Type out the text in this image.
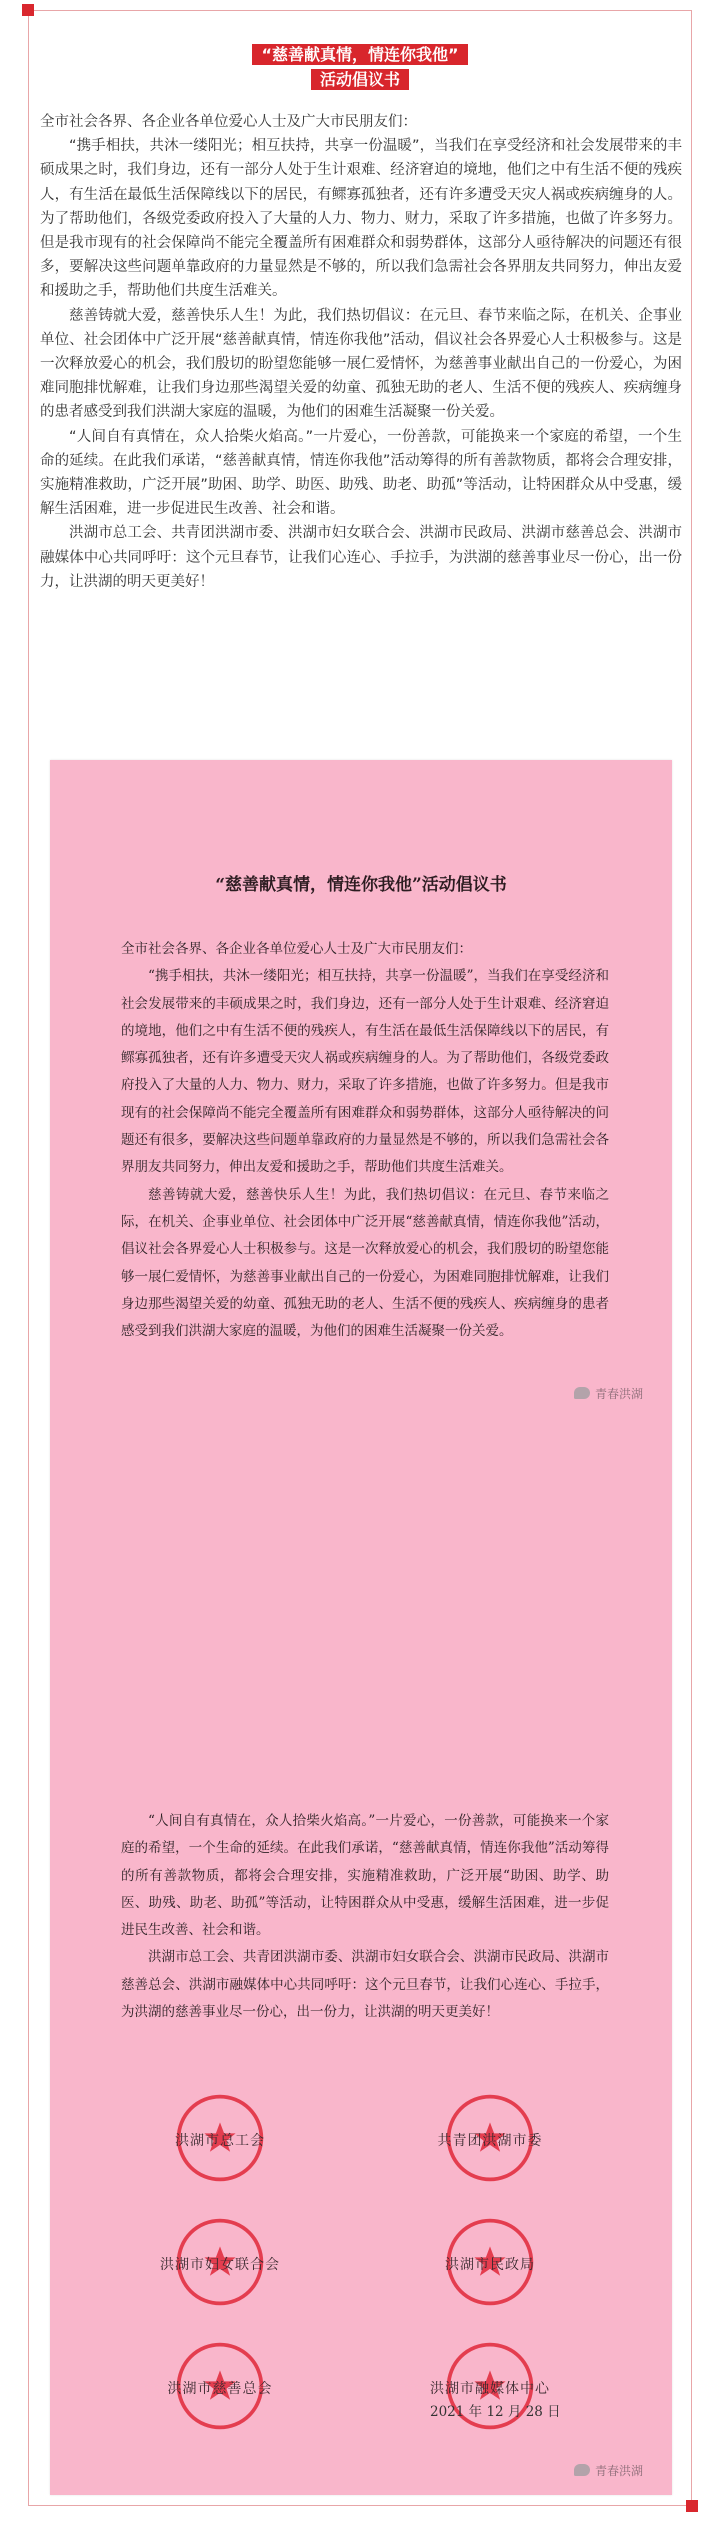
“慈善献真情，情连你我他”
活动倡议书

全市社会各界、各企业各单位爱心人士及广大市民朋友们：

“携手相扶，共沐一缕阳光；相互扶持，共享一份温暖”，当我们在享受经济和社会发展带来的丰硕成果之时，我们身边，还有一部分人处于生计艰难、经济窘迫的境地，他们之中有生活不便的残疾人，有生活在最低生活保障线以下的居民，有鳏寡孤独者，还有许多遭受天灾人祸或疾病缠身的人。为了帮助他们，各级党委政府投入了大量的人力、物力、财力，采取了许多措施，也做了许多努力。但是我市现有的社会保障尚不能完全覆盖所有困难群众和弱势群体，这部分人亟待解决的问题还有很多，要解决这些问题单靠政府的力量显然是不够的，所以我们急需社会各界朋友共同努力，伸出友爱和援助之手，帮助他们共度生活难关。

慈善铸就大爱，慈善快乐人生！为此，我们热切倡议：在元旦、春节来临之际，在机关、企事业单位、社会团体中广泛开展“慈善献真情，情连你我他”活动，倡议社会各界爱心人士积极参与。这是一次释放爱心的机会，我们殷切的盼望您能够一展仁爱情怀，为慈善事业献出自己的一份爱心，为困难同胞排忧解难，让我们身边那些渴望关爱的幼童、孤独无助的老人、生活不便的残疾人、疾病缠身的患者感受到我们洪湖大家庭的温暖，为他们的困难生活凝聚一份关爱。

“人间自有真情在，众人拾柴火焰高。”一片爱心，一份善款，可能换来一个家庭的希望，一个生命的延续。在此我们承诺，“慈善献真情，情连你我他”活动筹得的所有善款物质，都将会合理安排，实施精准救助，广泛开展”助困、助学、助医、助残、助老、助孤”等活动，让特困群众从中受惠，缓解生活困难，进一步促进民生改善、社会和谐。

洪湖市总工会、共青团洪湖市委、洪湖市妇女联合会、洪湖市民政局、洪湖市慈善总会、洪湖市融媒体中心共同呼吁：这个元旦春节，让我们心连心、手拉手，为洪湖的慈善事业尽一份心，出一份力，让洪湖的明天更美好！

“慈善献真情，情连你我他”活动倡议书

全市社会各界、各企业各单位爱心人士及广大市民朋友们：

“携手相扶，共沐一缕阳光；相互扶持，共享一份温暖”，当我们在享受经济和社会发展带来的丰硕成果之时，我们身边，还有一部分人处于生计艰难、经济窘迫的境地，他们之中有生活不便的残疾人，有生活在最低生活保障线以下的居民，有鳏寡孤独者，还有许多遭受天灾人祸或疾病缠身的人。为了帮助他们，各级党委政府投入了大量的人力、物力、财力，采取了许多措施，也做了许多努力。但是我市现有的社会保障尚不能完全覆盖所有困难群众和弱势群体，这部分人亟待解决的问题还有很多，要解决这些问题单靠政府的力量显然是不够的，所以我们急需社会各界朋友共同努力，伸出友爱和援助之手，帮助他们共度生活难关。

慈善铸就大爱，慈善快乐人生！为此，我们热切倡议：在元旦、春节来临之际，在机关、企事业单位、社会团体中广泛开展“慈善献真情，情连你我他”活动，倡议社会各界爱心人士积极参与。这是一次释放爱心的机会，我们殷切的盼望您能够一展仁爱情怀，为慈善事业献出自己的一份爱心，为困难同胞排忧解难，让我们身边那些渴望关爱的幼童、孤独无助的老人、生活不便的残疾人、疾病缠身的患者感受到我们洪湖大家庭的温暖，为他们的困难生活凝聚一份关爱。

青春洪湖

“人间自有真情在，众人拾柴火焰高。”一片爱心，一份善款，可能换来一个家庭的希望，一个生命的延续。在此我们承诺，“慈善献真情，情连你我他”活动筹得的所有善款物质，都将会合理安排，实施精准救助，广泛开展“助困、助学、助医、助残、助老、助孤”等活动，让特困群众从中受惠，缓解生活困难，进一步促进民生改善、社会和谐。

洪湖市总工会、共青团洪湖市委、洪湖市妇女联合会、洪湖市民政局、洪湖市慈善总会、洪湖市融媒体中心共同呼吁：这个元旦春节，让我们心连心、手拉手，为洪湖的慈善事业尽一份心，出一份力，让洪湖的明天更美好！

洪湖市总工会	共青团洪湖市委
洪湖市妇女联合会	洪湖市民政局
洪湖市慈善总会	洪湖市融媒体中心
2021 年 12 月 28 日
青春洪湖
